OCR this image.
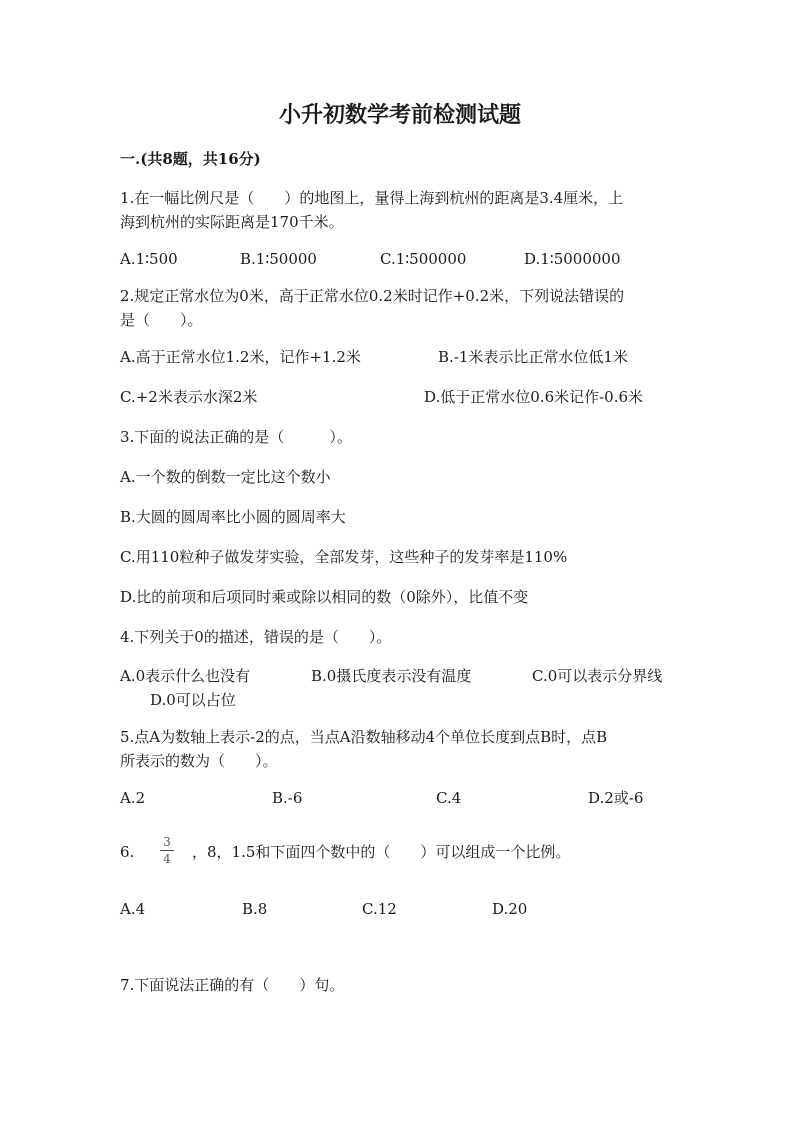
小升初数学考前检测试题
一.(共8题，共16分)
1.在一幅比例尺是（　　）的地图上，量得上海到杭州的距离是3.4厘米，上
海到杭州的实际距离是170千米。
A.1∶500	B.1∶50000	C.1∶500000	D.1∶5000000
2.规定正常水位为0米，高于正常水位0.2米时记作+0.2米，下列说法错误的
是（　　）。
A.高于正常水位1.2米，记作+1.2米	B.-1米表示比正常水位低1米
C.+2米表示水深2米	D.低于正常水位0.6米记作-0.6米
3.下面的说法正确的是（　　　）。
A.一个数的倒数一定比这个数小
B.大圆的圆周率比小圆的圆周率大
C.用110粒种子做发芽实验，全部发芽，这些种子的发芽率是110%
D.比的前项和后项同时乘或除以相同的数（0除外），比值不变
4.下列关于0的描述，错误的是（　　）。
A.0表示什么也没有	B.0摄氏度表示没有温度	C.0可以表示分界线
D.0可以占位
5.点A为数轴上表示-2的点，当点A沿数轴移动4个单位长度到点B时，点B
所表示的数为（　　）。
A.2	B.-6	C.4	D.2或-6
6.
3
4 ，8，1.5和下面四个数中的（　　）可以组成一个比例。
A.4	B.8	C.12	D.20
7.下面说法正确的有（　　）句。
